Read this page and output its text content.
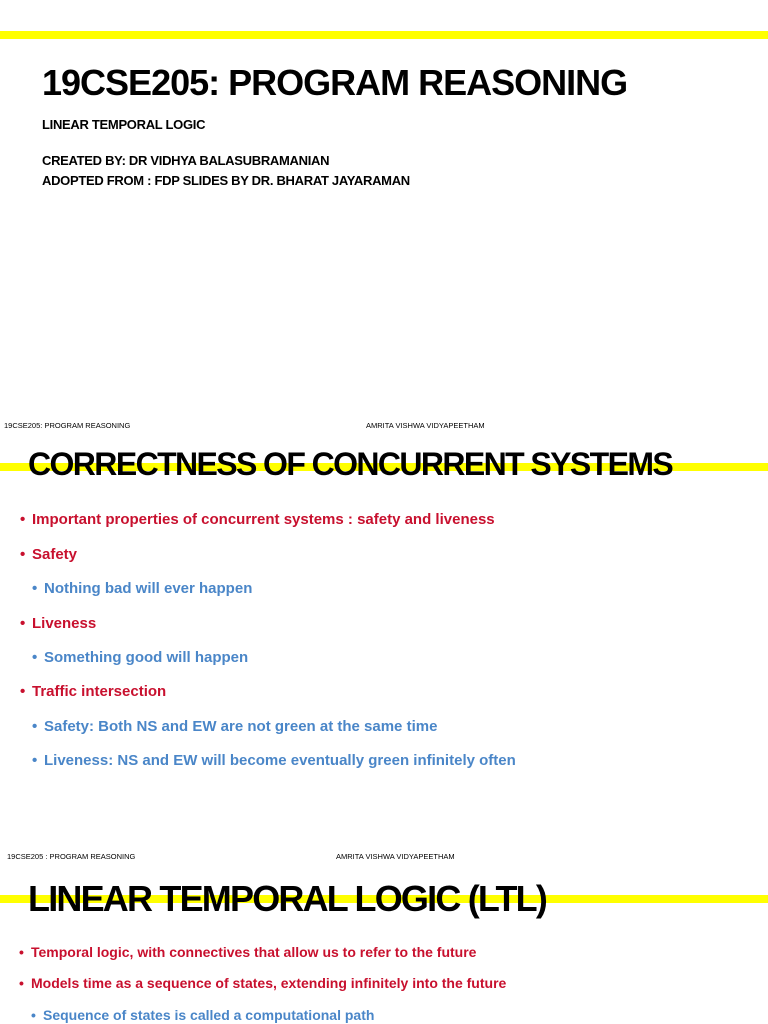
19CSE205: PROGRAM REASONING
LINEAR TEMPORAL LOGIC
CREATED BY: DR VIDHYA BALASUBRAMANIAN
ADOPTED FROM : FDP SLIDES BY DR. BHARAT JAYARAMAN
19CSE205: PROGRAM REASONING	AMRITA VISHWA VIDYAPEETHAM
CORRECTNESS OF CONCURRENT SYSTEMS
• Important properties of concurrent systems : safety and liveness
• Safety
• Nothing bad will ever happen
• Liveness
• Something good will happen
• Traffic intersection
• Safety: Both NS and EW are not green at the same time
• Liveness: NS and EW will become eventually green infinitely often
19CSE205 : PROGRAM REASONING	AMRITA VISHWA VIDYAPEETHAM
LINEAR TEMPORAL LOGIC (LTL)
• Temporal logic, with connectives that allow us to refer to the future
• Models time as a sequence of states, extending infinitely into the future
• Sequence of states is called a computational path
